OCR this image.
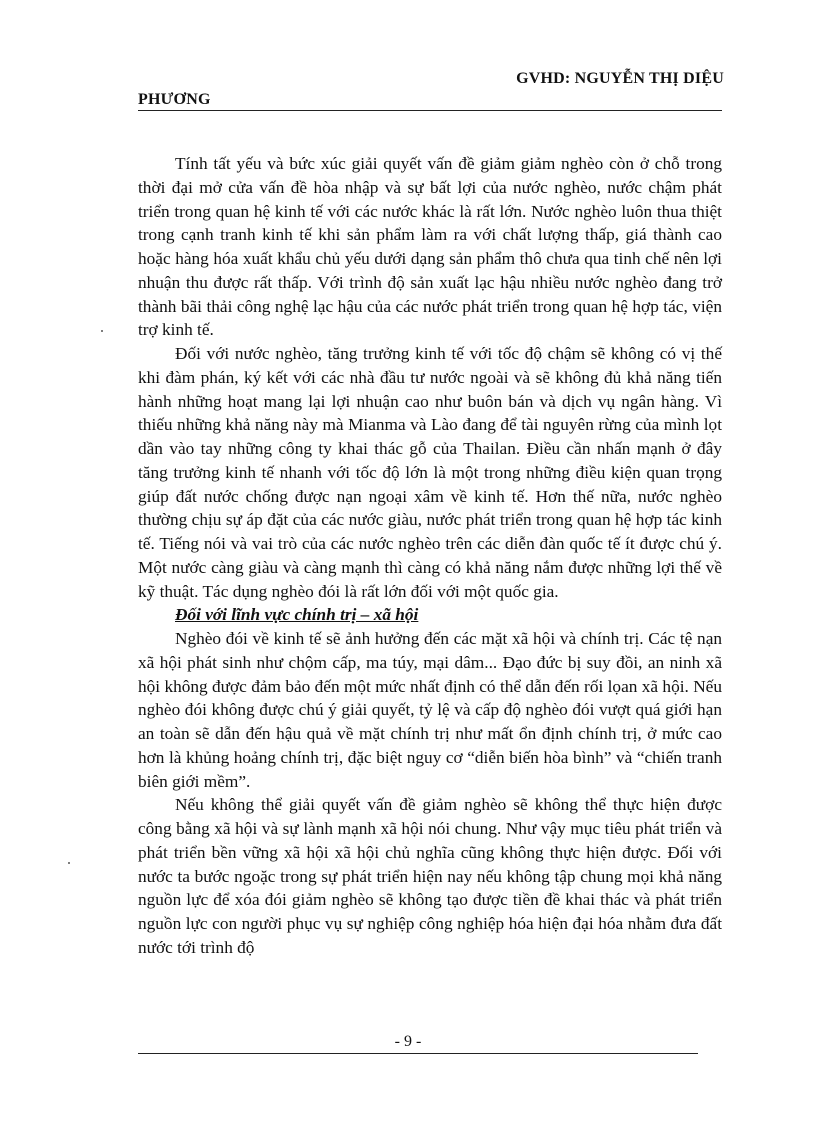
GVHD: NGUYỄN THỊ DIỆU
PHƯƠNG

Tính tất yếu và bức xúc giải quyết vấn đề giảm giảm nghèo còn ở chỗ trong thời đại mở cửa vấn đề hòa nhập và sự bất lợi của nước nghèo, nước chậm phát triển trong quan hệ kinh tế với các nước khác là rất lớn. Nước nghèo luôn thua thiệt trong cạnh tranh kinh tế khi sản phẩm làm ra với chất lượng thấp, giá thành cao hoặc hàng hóa xuất khẩu chủ yếu dưới dạng sản phẩm thô chưa qua tinh chế nên lợi nhuận thu được rất thấp. Với trình độ sản xuất lạc hậu nhiều nước nghèo đang trở thành bãi thải công nghệ lạc hậu của các nước phát triển trong quan hệ hợp tác, viện trợ kinh tế.

Đối với nước nghèo, tăng trưởng kinh tế với tốc độ chậm sẽ không có vị thế khi đàm phán, ký kết với các nhà đầu tư nước ngoài và sẽ không đủ khả năng tiến hành những hoạt mang lại lợi nhuận cao như buôn bán và dịch vụ ngân hàng. Vì thiếu những khả năng này mà Mianma và Lào đang để tài nguyên rừng của mình lọt dần vào tay những công ty khai thác gỗ của Thailan. Điều cần nhấn mạnh ở đây tăng trưởng kinh tế nhanh với tốc độ lớn là một trong những điều kiện quan trọng giúp đất nước chống được nạn ngoại xâm về kinh tế. Hơn thế nữa, nước nghèo thường chịu sự áp đặt của các nước giàu, nước phát triển trong quan hệ hợp tác kinh tế. Tiếng nói và vai trò của các nước nghèo trên các diễn đàn quốc tế ít được chú ý. Một nước càng giàu và càng mạnh thì càng có khả năng nắm được những lợi thế về kỹ thuật. Tác dụng nghèo đói là rất lớn đối với một quốc gia.

Đối với lĩnh vực chính trị – xã hội

Nghèo đói về kinh tế sẽ ảnh hưởng đến các mặt xã hội và chính trị. Các tệ nạn xã hội phát sinh như chộm cấp, ma túy, mại dâm... Đạo đức bị suy đồi, an ninh xã hội không được đảm bảo đến một mức nhất định có thể dẫn đến rối lọan xã hội. Nếu nghèo đói không được chú ý giải quyết, tỷ lệ và cấp độ nghèo đói vượt quá giới hạn an toàn sẽ dẫn đến hậu quả về mặt chính trị như mất ổn định chính trị, ở mức cao hơn là khủng hoảng chính trị, đặc biệt nguy cơ “diễn biến hòa bình” và “chiến tranh biên giới mềm”.

Nếu không thể giải quyết vấn đề giảm nghèo sẽ không thể thực hiện được công bằng xã hội và sự lành mạnh xã hội nói chung. Như vậy mục tiêu phát triển và phát triển bền vững xã hội xã hội chủ nghĩa cũng không thực hiện được. Đối với nước ta bước ngoặc trong sự phát triển hiện nay nếu không tập chung mọi khả năng nguồn lực để xóa đói giảm nghèo sẽ không tạo được tiền đề khai thác và phát triển nguồn lực con người phục vụ sự nghiệp công nghiệp hóa hiện đại hóa nhằm đưa đất nước tới trình độ

- 9 -
